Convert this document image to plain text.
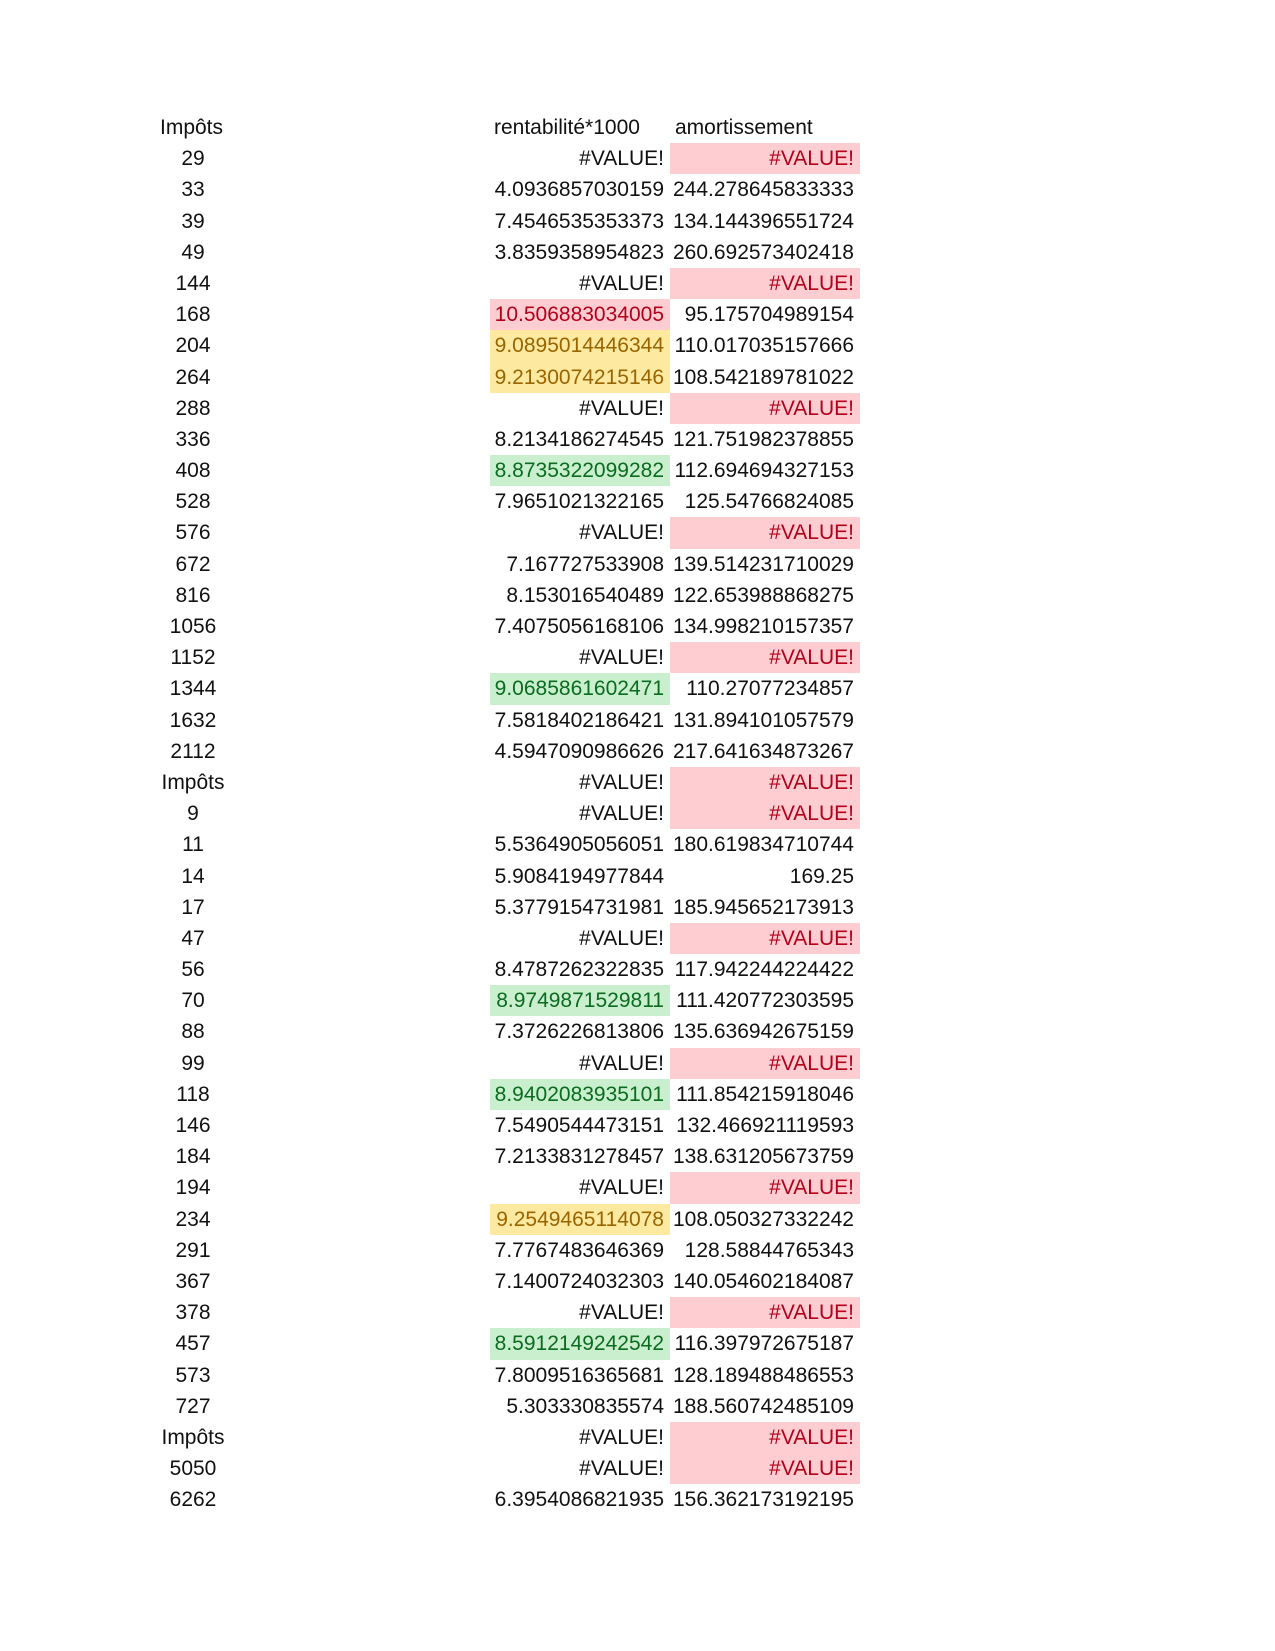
Impôts	rentabilité*1000	amortissement
29	#VALUE!	#VALUE!
33	4.0936857030159 244.278645833333
39	7.4546535353373 134.144396551724
49	3.8359358954823 260.692573402418
144	#VALUE!	#VALUE!
168	10.506883034005 95.175704989154
204	9.0895014446344 110.017035157666
264	9.2130074215146 108.542189781022
288	#VALUE!	#VALUE!
336	8.2134186274545 121.751982378855
408	8.8735322099282 112.694694327153
528	7.9651021322165 125.54766824085
576	#VALUE!	#VALUE!
672	7.167727533908 139.514231710029
816	8.153016540489 122.653988868275
1056	7.4075056168106 134.998210157357
1152	#VALUE!	#VALUE!
1344	9.0685861602471	110.27077234857
1632	7.5818402186421 131.894101057579
2112	4.5947090986626 217.641634873267
Impôts	#VALUE!	#VALUE!
9	#VALUE!	#VALUE!
11	5.5364905056051 180.619834710744
14	5.9084194977844	169.25
17	5.3779154731981 185.945652173913
47	#VALUE!	#VALUE!
56	8.4787262322835 117.942244224422
70	8.9749871529811 111.420772303595
88	7.3726226813806 135.636942675159
99	#VALUE!	#VALUE!
118	8.9402083935101 111.854215918046
146	7.5490544473151 132.466921119593
184	7.2133831278457 138.631205673759
194	#VALUE!	#VALUE!
234	9.2549465114078 108.050327332242
291	7.7767483646369 128.58844765343
367	7.1400724032303 140.054602184087
378	#VALUE!	#VALUE!
457	8.5912149242542 116.397972675187
573	7.8009516365681 128.189488486553
727	5.303330835574 188.560742485109
Impôts	#VALUE!	#VALUE!
5050	#VALUE!	#VALUE!
6262	6.3954086821935 156.362173192195
